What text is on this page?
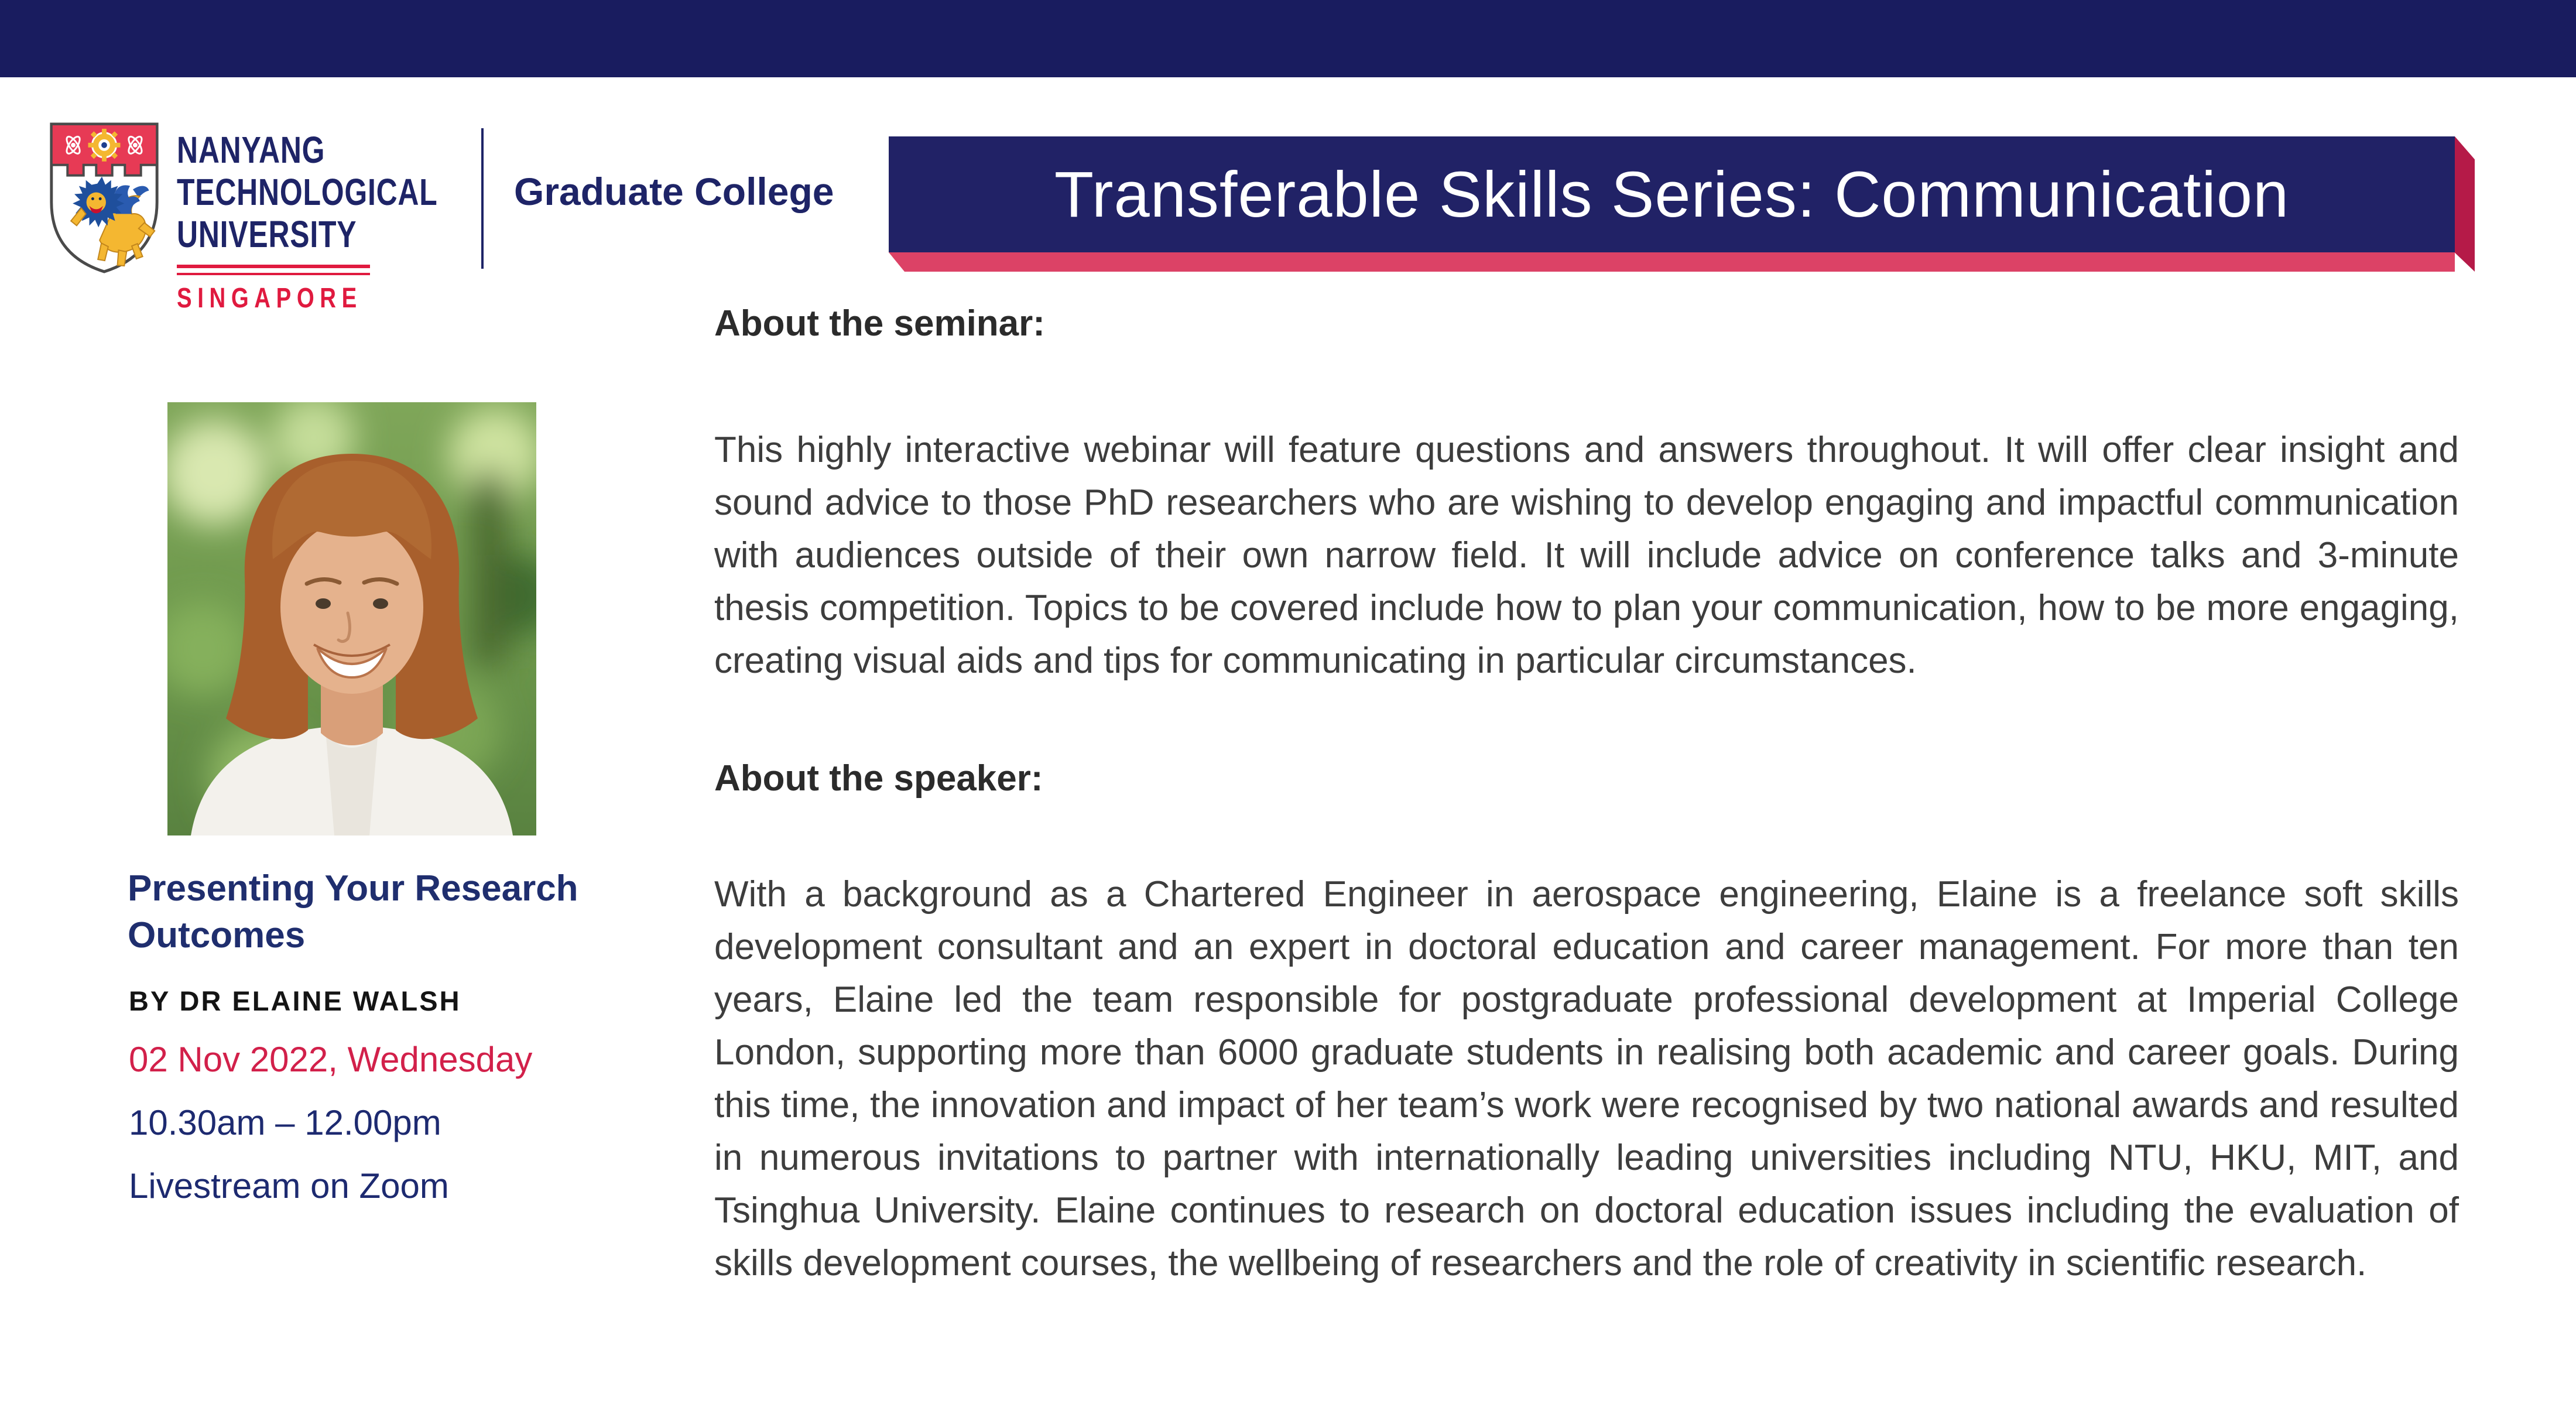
NANYANG
TECHNOLOGICAL
UNIVERSITY
SINGAPORE
Graduate College	Transferable Skills Series: Communication
Presenting Your Research Outcomes
BY DR ELAINE WALSH
02 Nov 2022, Wednesday
10.30am – 12.00pm
Livestream on Zoom
About the seminar:

This highly interactive webinar will feature questions and answers throughout. It will offer clear insight and sound advice to those PhD researchers who are wishing to develop engaging and impactful communication with audiences outside of their own narrow field. It will include advice on conference talks and 3-minute thesis competition. Topics to be covered include how to plan your communication, how to be more engaging, creating visual aids and tips for communicating in particular circumstances.

About the speaker:

With a background as a Chartered Engineer in aerospace engineering, Elaine is a freelance soft skills development consultant and an expert in doctoral education and career management. For more than ten years, Elaine led the team responsible for postgraduate professional development at Imperial College London, supporting more than 6000 graduate students in realising both academic and career goals. During this time, the innovation and impact of her team’s work were recognised by two national awards and resulted in numerous invitations to partner with internationally leading universities including NTU, HKU, MIT, and Tsinghua University. Elaine continues to research on doctoral education issues including the evaluation of skills development courses, the wellbeing of researchers and the role of creativity in scientific research.
